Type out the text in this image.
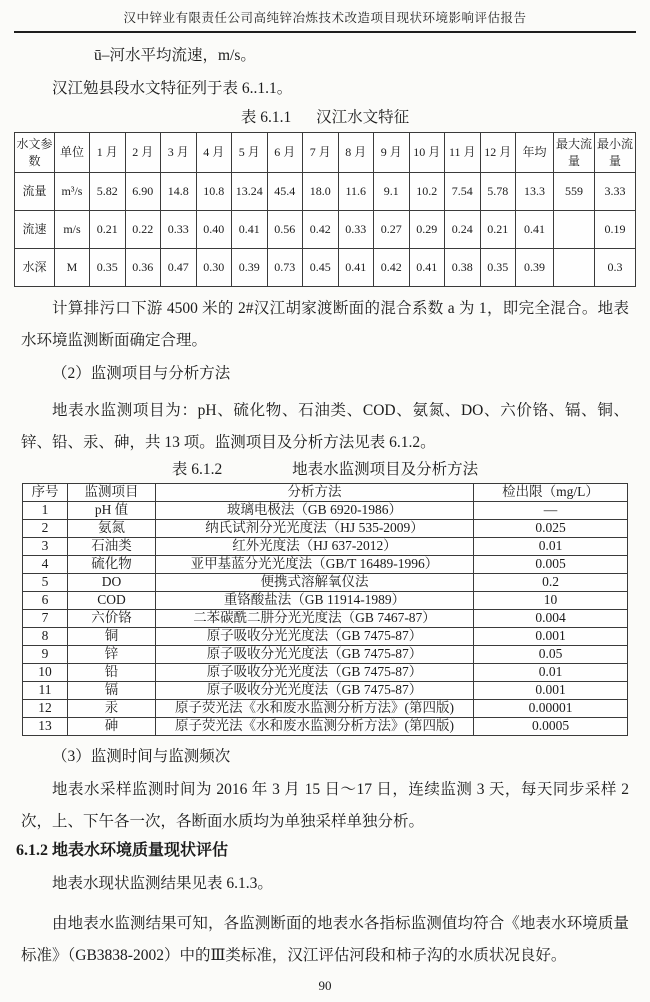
汉中锌业有限责任公司高纯锌冶炼技术改造项目现状环境影响评估报告

ū–河水平均流速，m/s。

汉江勉县段水文特征列于表 6..1.1。

表 6.1.1 汉江水文特征
水文参数	单位	1 月	2 月	3 月	4 月	5 月	6 月	7 月	8 月	9 月	10 月	11 月	12 月	年均	最大流量	最小流量
流量	m³/s	5.82	6.90	14.8	10.8	13.24	45.4	18.0	11.6	9.1	10.2	7.54	5.78	13.3	559	3.33
流速	m/s	0.21	0.22	0.33	0.40	0.41	0.56	0.42	0.33	0.27	0.29	0.24	0.21	0.41		0.19
水深	M	0.35	0.36	0.47	0.30	0.39	0.73	0.45	0.41	0.42	0.41	0.38	0.35	0.39		0.3

计算排污口下游 4500 米的 2#汉江胡家渡断面的混合系数 a 为 1，即完全混合。地表水环境监测断面确定合理。

（2）监测项目与分析方法

地表水监测项目为：pH、硫化物、石油类、COD、氨氮、DO、六价铬、镉、铜、锌、铅、汞、砷，共 13 项。监测项目及分析方法见表 6.1.2。

表 6.1.2	地表水监测项目及分析方法
序号	监测项目	分析方法	检出限（mg/L）
1	pH 值	玻璃电极法（GB 6920-1986）	—
2	氨氮	纳氏试剂分光光度法（HJ 535-2009）	0.025
3	石油类	红外光度法（HJ 637-2012）	0.01
4	硫化物	亚甲基蓝分光光度法（GB/T 16489-1996）	0.005
5	DO	便携式溶解氧仪法	0.2
6	COD	重铬酸盐法（GB 11914-1989）	10
7	六价铬	二苯碳酰二肼分光光度法（GB 7467-87）	0.004
8	铜	原子吸收分光光度法（GB 7475-87）	0.001
9	锌	原子吸收分光光度法（GB 7475-87）	0.05
10	铅	原子吸收分光光度法（GB 7475-87）	0.01
11	镉	原子吸收分光光度法（GB 7475-87）	0.001
12	汞	原子荧光法《水和废水监测分析方法》(第四版)	0.00001
13	砷	原子荧光法《水和废水监测分析方法》(第四版)	0.0005

（3）监测时间与监测频次

地表水采样监测时间为 2016 年 3 月 15 日～17 日，连续监测 3 天，每天同步采样 2 次，上、下午各一次，各断面水质均为单独采样单独分析。

6.1.2 地表水环境质量现状评估

地表水现状监测结果见表 6.1.3。

由地表水监测结果可知，各监测断面的地表水各指标监测值均符合《地表水环境质量标准》（GB3838-2002）中的Ⅲ类标准，汉江评估河段和柿子沟的水质状况良好。

90
